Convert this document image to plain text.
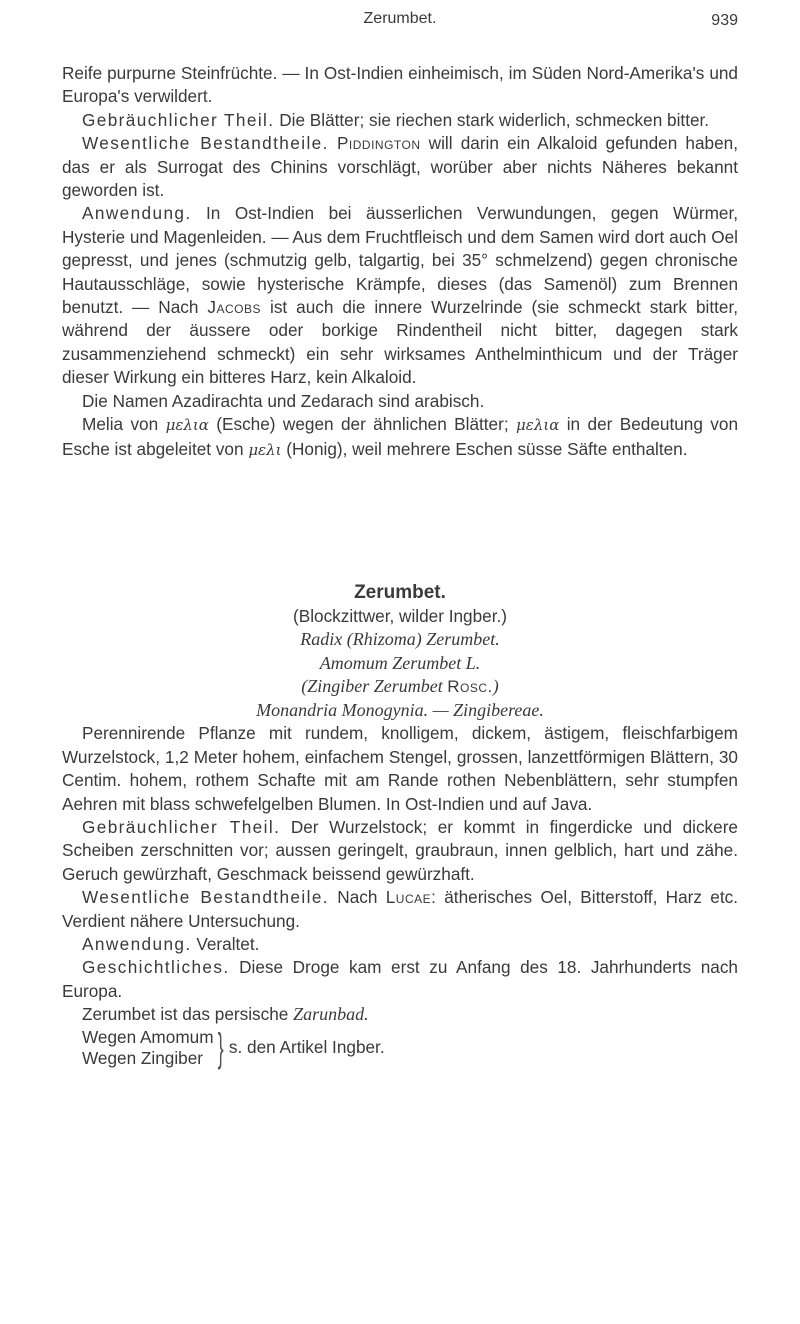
Zerumbet.	939

Reife purpurne Steinfrüchte. — In Ost-Indien einheimisch, im Süden Nord-Amerika's und Europa's verwildert.

Gebräuchlicher Theil. Die Blätter; sie riechen stark widerlich, schmecken bitter.

Wesentliche Bestandtheile. Piddington will darin ein Alkaloid gefunden haben, das er als Surrogat des Chinins vorschlägt, worüber aber nichts Näheres bekannt geworden ist.

Anwendung. In Ost-Indien bei äusserlichen Verwundungen, gegen Würmer, Hysterie und Magenleiden. — Aus dem Fruchtfleisch und dem Samen wird dort auch Oel gepresst, und jenes (schmutzig gelb, talgartig, bei 35° schmelzend) gegen chronische Hautausschläge, sowie hysterische Krämpfe, dieses (das Samenöl) zum Brennen benutzt. — Nach Jacobs ist auch die innere Wurzelrinde (sie schmeckt stark bitter, während der äussere oder borkige Rindentheil nicht bitter, dagegen stark zusammenziehend schmeckt) ein sehr wirksames Anthelminthicum und der Träger dieser Wirkung ein bitteres Harz, kein Alkaloid.

Die Namen Azadirachta und Zedarach sind arabisch.

Melia von μελια (Esche) wegen der ähnlichen Blätter; μελια in der Bedeutung von Esche ist abgeleitet von μελι (Honig), weil mehrere Eschen süsse Säfte enthalten.

Zerumbet.
(Blockzittwer, wilder Ingber.)
Radix (Rhizoma) Zerumbet.
Amomum Zerumbet L.
(Zingiber Zerumbet Rosc.)
Monandria Monogynia. — Zingibereae.

Perennirende Pflanze mit rundem, knolligem, dickem, ästigem, fleischfarbigem Wurzelstock, 1,2 Meter hohem, einfachem Stengel, grossen, lanzettförmigen Blättern, 30 Centim. hohem, rothem Schafte mit am Rande rothen Nebenblättern, sehr stumpfen Aehren mit blass schwefelgelben Blumen. In Ost-Indien und auf Java.

Gebräuchlicher Theil. Der Wurzelstock; er kommt in fingerdicke und dickere Scheiben zerschnitten vor; aussen geringelt, graubraun, innen gelblich, hart und zähe. Geruch gewürzhaft, Geschmack beissend gewürzhaft.

Wesentliche Bestandtheile. Nach Lucae: ätherisches Oel, Bitterstoff, Harz etc. Verdient nähere Untersuchung.

Anwendung. Veraltet.

Geschichtliches. Diese Droge kam erst zu Anfang des 18. Jahrhunderts nach Europa.

Zerumbet ist das persische Zarunbad.

Wegen Amomum
Wegen Zingiber } s. den Artikel Ingber.
